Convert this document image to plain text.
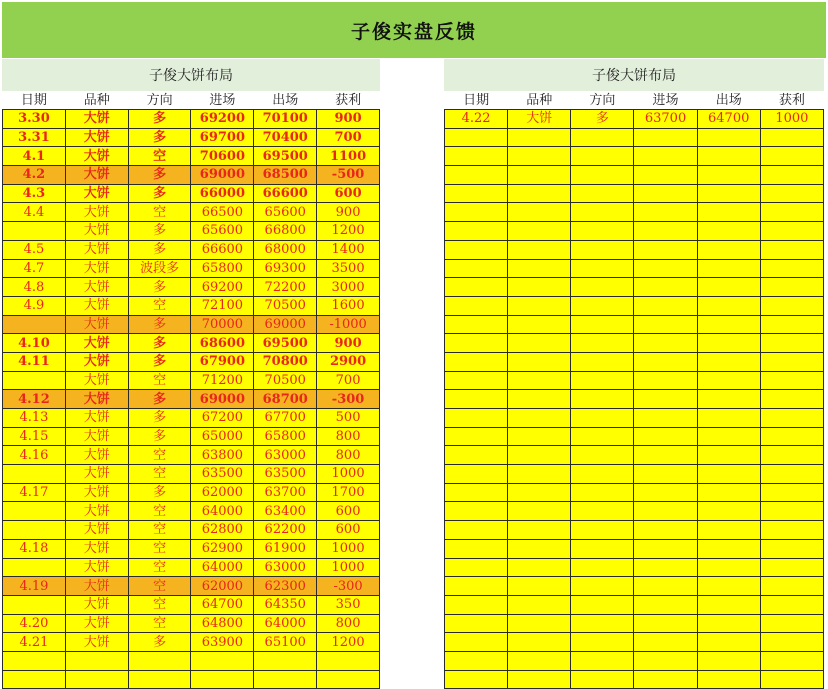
子俊实盘反馈
子俊大饼布局
日期	品种	方向	进场	出场	获利
3.30	大饼	多	69200	70100	900
3.31	大饼	多	69700	70400	700
4.1	大饼	空	70600	69500	1100
4.2	大饼	多	69000	68500	-500
4.3	大饼	多	66000	66600	600
4.4	大饼	空	66500	65600	900
	大饼	多	65600	66800	1200
4.5	大饼	多	66600	68000	1400
4.7	大饼	波段多	65800	69300	3500
4.8	大饼	多	69200	72200	3000
4.9	大饼	空	72100	70500	1600
	大饼	多	70000	69000	-1000
4.10	大饼	多	68600	69500	900
4.11	大饼	多	67900	70800	2900
	大饼	空	71200	70500	700
4.12	大饼	多	69000	68700	-300
4.13	大饼	多	67200	67700	500
4.15	大饼	多	65000	65800	800
4.16	大饼	空	63800	63000	800
	大饼	空	63500	63500	1000
4.17	大饼	多	62000	63700	1700
	大饼	空	64000	63400	600
	大饼	空	62800	62200	600
4.18	大饼	空	62900	61900	1000
	大饼	空	64000	63000	1000
4.19	大饼	空	62000	62300	-300
	大饼	空	64700	64350	350
4.20	大饼	空	64800	64000	800
4.21	大饼	多	63900	65100	1200

子俊大饼布局
日期	品种	方向	进场	出场	获利
4.22	大饼	多	63700	64700	1000
